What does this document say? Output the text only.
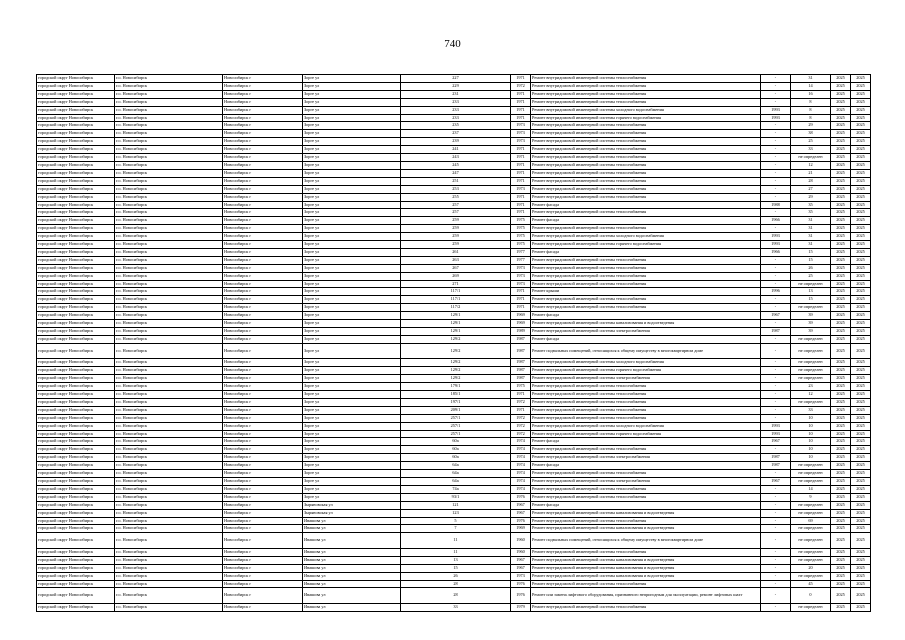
740
городской округ Новосибирск	г.о. Новосибирск	Новосибирск г	Зорге ул	227	1971	Ремонт внутридомовой инженерной системы теплоснабжения	-	31	2025	2025
городской округ Новосибирск	г.о. Новосибирск	Новосибирск г	Зорге ул	229	1972	Ремонт внутридомовой инженерной системы теплоснабжения	-	14	2025	2025
городской округ Новосибирск	г.о. Новосибирск	Новосибирск г	Зорге ул	231	1971	Ремонт внутридомовой инженерной системы теплоснабжения	-	16	2025	2025
городской округ Новосибирск	г.о. Новосибирск	Новосибирск г	Зорге ул	233	1971	Ремонт внутридомовой инженерной системы теплоснабжения	-	8	2025	2025
городской округ Новосибирск	г.о. Новосибирск	Новосибирск г	Зорге ул	233	1971	Ремонт внутридомовой инженерной системы холодного водоснабжения	1993	8	2025	2025
городской округ Новосибирск	г.о. Новосибирск	Новосибирск г	Зорге ул	233	1971	Ремонт внутридомовой инженерной системы горячего водоснабжения	1993	8	2025	2025
городской округ Новосибирск	г.о. Новосибирск	Новосибирск г	Зорге ул	235	1973	Ремонт внутридомовой инженерной системы теплоснабжения	-	29	2025	2025
городской округ Новосибирск	г.о. Новосибирск	Новосибирск г	Зорге ул	237	1973	Ремонт внутридомовой инженерной системы теплоснабжения	-	38	2025	2025
городской округ Новосибирск	г.о. Новосибирск	Новосибирск г	Зорге ул	239	1973	Ремонт внутридомовой инженерной системы теплоснабжения	-	25	2025	2025
городской округ Новосибирск	г.о. Новосибирск	Новосибирск г	Зорге ул	241	1971	Ремонт внутридомовой инженерной системы теплоснабжения	-	33	2025	2025
городской округ Новосибирск	г.о. Новосибирск	Новосибирск г	Зорге ул	243	1971	Ремонт внутридомовой инженерной системы теплоснабжения	-	не определен	2025	2025
городской округ Новосибирск	г.о. Новосибирск	Новосибирск г	Зорге ул	245	1971	Ремонт внутридомовой инженерной системы теплоснабжения	-	12	2025	2025
городской округ Новосибирск	г.о. Новосибирск	Новосибирск г	Зорге ул	247	1971	Ремонт внутридомовой инженерной системы теплоснабжения	-	21	2025	2025
городской округ Новосибирск	г.о. Новосибирск	Новосибирск г	Зорге ул	251	1971	Ремонт внутридомовой инженерной системы теплоснабжения	-	28	2025	2025
городской округ Новосибирск	г.о. Новосибирск	Новосибирск г	Зорге ул	253	1973	Ремонт внутридомовой инженерной системы теплоснабжения	-	27	2025	2025
городской округ Новосибирск	г.о. Новосибирск	Новосибирск г	Зорге ул	255	1971	Ремонт внутридомовой инженерной системы теплоснабжения	-	29	2025	2025
городской округ Новосибирск	г.о. Новосибирск	Новосибирск г	Зорге ул	257	1971	Ремонт фасада	1988	35	2025	2025
городской округ Новосибирск	г.о. Новосибирск	Новосибирск г	Зорге ул	257	1971	Ремонт внутридомовой инженерной системы теплоснабжения	-	35	2025	2025
городской округ Новосибирск	г.о. Новосибирск	Новосибирск г	Зорге ул	259	1975	Ремонт фасада	1966	31	2025	2025
городской округ Новосибирск	г.о. Новосибирск	Новосибирск г	Зорге ул	259	1975	Ремонт внутридомовой инженерной системы теплоснабжения	-	31	2025	2025
городской округ Новосибирск	г.о. Новосибирск	Новосибирск г	Зорге ул	259	1975	Ремонт внутридомовой инженерной системы холодного водоснабжения	1993	31	2025	2025
городской округ Новосибирск	г.о. Новосибирск	Новосибирск г	Зорге ул	259	1975	Ремонт внутридомовой инженерной системы горячего водоснабжения	1993	31	2025	2025
городской округ Новосибирск	г.о. Новосибирск	Новосибирск г	Зорге ул	261	1977	Ремонт фасада	1966	15	2025	2025
городской округ Новосибирск	г.о. Новосибирск	Новосибирск г	Зорге ул	263	1977	Ремонт внутридомовой инженерной системы теплоснабжения	-	15	2025	2025
городской округ Новосибирск	г.о. Новосибирск	Новосибирск г	Зорге ул	267	1973	Ремонт внутридомовой инженерной системы теплоснабжения	-	26	2025	2025
городской округ Новосибирск	г.о. Новосибирск	Новосибирск г	Зорге ул	269	1973	Ремонт внутридомовой инженерной системы теплоснабжения	-	25	2025	2025
городской округ Новосибирск	г.о. Новосибирск	Новосибирск г	Зорге ул	271	1973	Ремонт внутридомовой инженерной системы теплоснабжения	-	не определен	2025	2025
городской округ Новосибирск	г.о. Новосибирск	Новосибирск г	Зорге ул	117/1	1971	Ремонт крыши	1996	13	2025	2025
городской округ Новосибирск	г.о. Новосибирск	Новосибирск г	Зорге ул	117/1	1971	Ремонт внутридомовой инженерной системы теплоснабжения	-	15	2025	2025
городской округ Новосибирск	г.о. Новосибирск	Новосибирск г	Зорге ул	117/2	1971	Ремонт внутридомовой инженерной системы теплоснабжения	-	не определен	2025	2025
городской округ Новосибирск	г.о. Новосибирск	Новосибирск г	Зорге ул	129/1	1969	Ремонт фасада	1967	39	2025	2025
городской округ Новосибирск	г.о. Новосибирск	Новосибирск г	Зорге ул	129/1	1969	Ремонт внутридомовой инженерной системы канализования и водоотведения	-	39	2025	2025
городской округ Новосибирск	г.о. Новосибирск	Новосибирск г	Зорге ул	129/1	1989	Ремонт внутридомовой инженерной системы электроснабжения	1987	39	2025	2025
городской округ Новосибирск	г.о. Новосибирск	Новосибирск г	Зорге ул	129/2	1987	Ремонт фасада	-	не определен	2025	2025
городской округ Новосибирск	г.о. Новосибирск	Новосибирск г	Зорге ул	129/2	1987	Ремонт подвальных помещений, относящихся к общему имуществу в многоквартирном доме	-	не определен	2025	2025
городской округ Новосибирск	г.о. Новосибирск	Новосибирск г	Зорге ул	129/2	1987	Ремонт внутридомовой инженерной системы холодного водоснабжения	-	не определен	2025	2025
городской округ Новосибирск	г.о. Новосибирск	Новосибирск г	Зорге ул	129/2	1987	Ремонт внутридомовой инженерной системы горячего водоснабжения	-	не определен	2025	2025
городской округ Новосибирск	г.о. Новосибирск	Новосибирск г	Зорге ул	129/2	1987	Ремонт внутридомовой инженерной системы электроснабжения	-	не определен	2025	2025
городской округ Новосибирск	г.о. Новосибирск	Новосибирск г	Зорге ул	179/1	1975	Ремонт внутридомовой инженерной системы теплоснабжения	-	23	2025	2025
городской округ Новосибирск	г.о. Новосибирск	Новосибирск г	Зорге ул	185/1	1971	Ремонт внутридомовой инженерной системы теплоснабжения	-	12	2025	2025
городской округ Новосибирск	г.о. Новосибирск	Новосибирск г	Зорге ул	197/1	1972	Ремонт внутридомовой инженерной системы теплоснабжения	-	не определен	2025	2025
городской округ Новосибирск	г.о. Новосибирск	Новосибирск г	Зорге ул	209/1	1971	Ремонт внутридомовой инженерной системы теплоснабжения	-	33	2025	2025
городской округ Новосибирск	г.о. Новосибирск	Новосибирск г	Зорге ул	257/1	1972	Ремонт внутридомовой инженерной системы теплоснабжения	-	10	2025	2025
городской округ Новосибирск	г.о. Новосибирск	Новосибирск г	Зорге ул	257/1	1972	Ремонт внутридомовой инженерной системы холодного водоснабжения	1993	10	2025	2025
городской округ Новосибирск	г.о. Новосибирск	Новосибирск г	Зорге ул	257/1	1972	Ремонт внутридомовой инженерной системы горячего водоснабжения	1993	10	2025	2025
городской округ Новосибирск	г.о. Новосибирск	Новосибирск г	Зорге ул	60а	1974	Ремонт фасада	1967	10	2025	2025
городской округ Новосибирск	г.о. Новосибирск	Новосибирск г	Зорге ул	60а	1974	Ремонт внутридомовой инженерной системы теплоснабжения	-	10	2025	2025
городской округ Новосибирск	г.о. Новосибирск	Новосибирск г	Зорге ул	60а	1974	Ремонт внутридомовой инженерной системы электроснабжения	1987	10	2025	2025
городской округ Новосибирск	г.о. Новосибирск	Новосибирск г	Зорге ул	64а	1974	Ремонт фасада	1987	не определен	2025	2025
городской округ Новосибирск	г.о. Новосибирск	Новосибирск г	Зорге ул	64а	1974	Ремонт внутридомовой инженерной системы теплоснабжения	-	не определен	2025	2025
городской округ Новосибирск	г.о. Новосибирск	Новосибирск г	Зорге ул	64а	1974	Ремонт внутридомовой инженерной системы электроснабжения	1967	не определен	2025	2025
городской округ Новосибирск	г.о. Новосибирск	Новосибирск г	Зорге ул	74а	1974	Ремонт внутридомовой инженерной системы теплоснабжения	-	14	2025	2025
городской округ Новосибирск	г.о. Новосибирск	Новосибирск г	Зорге ул	93/1	1976	Ремонт внутридомовой инженерной системы теплоснабжения	-	9	2025	2025
городской округ Новосибирск	г.о. Новосибирск	Новосибирск г	Зыряновская ул	121	1967	Ремонт фасада	-	не определен	2025	2025
городской округ Новосибирск	г.о. Новосибирск	Новосибирск г	Зыряновская ул	123	1967	Ремонт внутридомовой инженерной системы канализования и водоотведения	-	не определен	2025	2025
городской округ Новосибирск	г.о. Новосибирск	Новосибирск г	Ивашова ул	5	1976	Ремонт внутридомовой инженерной системы теплоснабжения	-	69	2025	2025
городской округ Новосибирск	г.о. Новосибирск	Новосибирск г	Ивашова ул	7	1969	Ремонт внутридомовой инженерной системы канализования и водоотведения	-	не определен	2025	2025
городской округ Новосибирск	г.о. Новосибирск	Новосибирск г	Ивашова ул	11	1960	Ремонт подвальных помещений, относящихся к общему имуществу в многоквартирном доме	-	не определен	2025	2025
городской округ Новосибирск	г.о. Новосибирск	Новосибирск г	Ивашова ул	11	1960	Ремонт внутридомовой инженерной системы теплоснабжения	-	не определен	2025	2025
городской округ Новосибирск	г.о. Новосибирск	Новосибирск г	Ивашова ул	13	1967	Ремонт внутридомовой инженерной системы канализования и водоотведения	-	не определен	2025	2025
городской округ Новосибирск	г.о. Новосибирск	Новосибирск г	Ивашова ул	15	1967	Ремонт внутридомовой инженерной системы канализования и водоотведения	-	20	2025	2025
городской округ Новосибирск	г.о. Новосибирск	Новосибирск г	Ивашова ул	26	1973	Ремонт внутридомовой инженерной системы канализования и водоотведения	-	не определен	2025	2025
городской округ Новосибирск	г.о. Новосибирск	Новосибирск г	Ивашова ул	28	1976	Ремонт внутридомовой инженерной системы теплоснабжения	-	45	2025	2025
городской округ Новосибирск	г.о. Новосибирск	Новосибирск г	Ивашова ул	28	1976	Ремонт или замена лифтового оборудования, признанного непригодным для эксплуатации, ремонт лифтовых шахт	-	0	2025	2025
городской округ Новосибирск	г.о. Новосибирск	Новосибирск г	Ивашова ул	33	1979	Ремонт внутридомовой инженерной системы теплоснабжения	-	не определен	2025	2025
